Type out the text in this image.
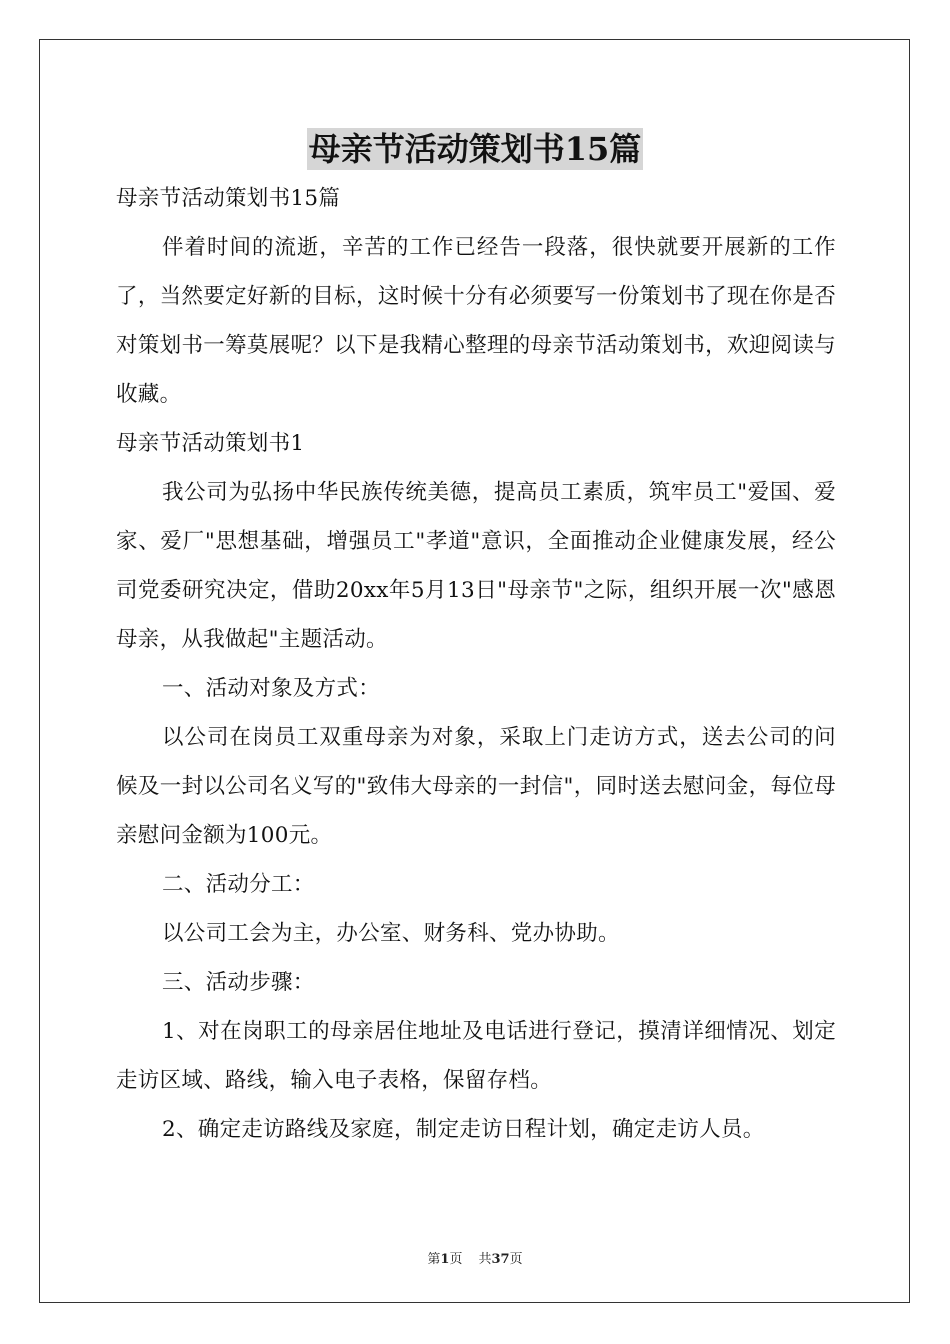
母亲节活动策划书15篇

母亲节活动策划书15篇

伴着时间的流逝，辛苦的工作已经告一段落，很快就要开展新的工作了，当然要定好新的目标，这时候十分有必须要写一份策划书了现在你是否对策划书一筹莫展呢？以下是我精心整理的母亲节活动策划书，欢迎阅读与收藏。

母亲节活动策划书1

我公司为弘扬中华民族传统美德，提高员工素质，筑牢员工"爱国、爱家、爱厂"思想基础，增强员工"孝道"意识，全面推动企业健康发展，经公司党委研究决定，借助20xx年5月13日"母亲节"之际，组织开展一次"感恩母亲，从我做起"主题活动。

一、活动对象及方式：

以公司在岗员工双重母亲为对象，采取上门走访方式，送去公司的问候及一封以公司名义写的"致伟大母亲的一封信"，同时送去慰问金，每位母亲慰问金额为100元。

二、活动分工：

以公司工会为主，办公室、财务科、党办协助。

三、活动步骤：

1、对在岗职工的母亲居住地址及电话进行登记，摸清详细情况、划定走访区域、路线，输入电子表格，保留存档。

2、确定走访路线及家庭，制定走访日程计划，确定走访人员。

第1页 共37页
